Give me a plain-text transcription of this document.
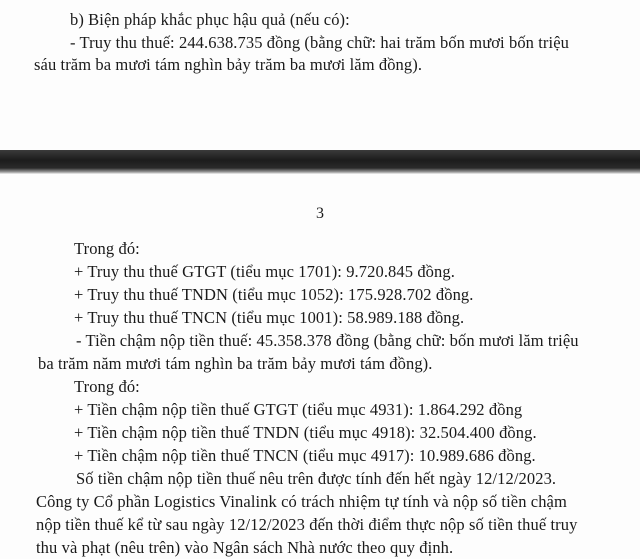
b) Biện pháp khắc phục hậu quả (nếu có):
- Truy thu thuế: 244.638.735 đồng (bằng chữ: hai trăm bốn mươi bốn triệu
sáu trăm ba mươi tám nghìn bảy trăm ba mươi lăm đồng).
3
Trong đó:
+ Truy thu thuế GTGT (tiểu mục 1701): 9.720.845 đồng.
+ Truy thu thuế TNDN (tiểu mục 1052): 175.928.702 đồng.
+ Truy thu thuế TNCN (tiểu mục 1001): 58.989.188 đồng.
- Tiền chậm nộp tiền thuế: 45.358.378 đồng (bằng chữ: bốn mươi lăm triệu
ba trăm năm mươi tám nghìn ba trăm bảy mươi tám đồng).
Trong đó:
+ Tiền chậm nộp tiền thuế GTGT (tiểu mục 4931): 1.864.292 đồng
+ Tiền chậm nộp tiền thuế TNDN (tiểu mục 4918): 32.504.400 đồng.
+ Tiền chậm nộp tiền thuế TNCN (tiểu mục 4917): 10.989.686 đồng.
Số tiền chậm nộp tiền thuế nêu trên được tính đến hết ngày 12/12/2023.
Công ty Cổ phần Logistics Vinalink có trách nhiệm tự tính và nộp số tiền chậm
nộp tiền thuế kể từ sau ngày 12/12/2023 đến thời điểm thực nộp số tiền thuế truy
thu và phạt (nêu trên) vào Ngân sách Nhà nước theo quy định.
